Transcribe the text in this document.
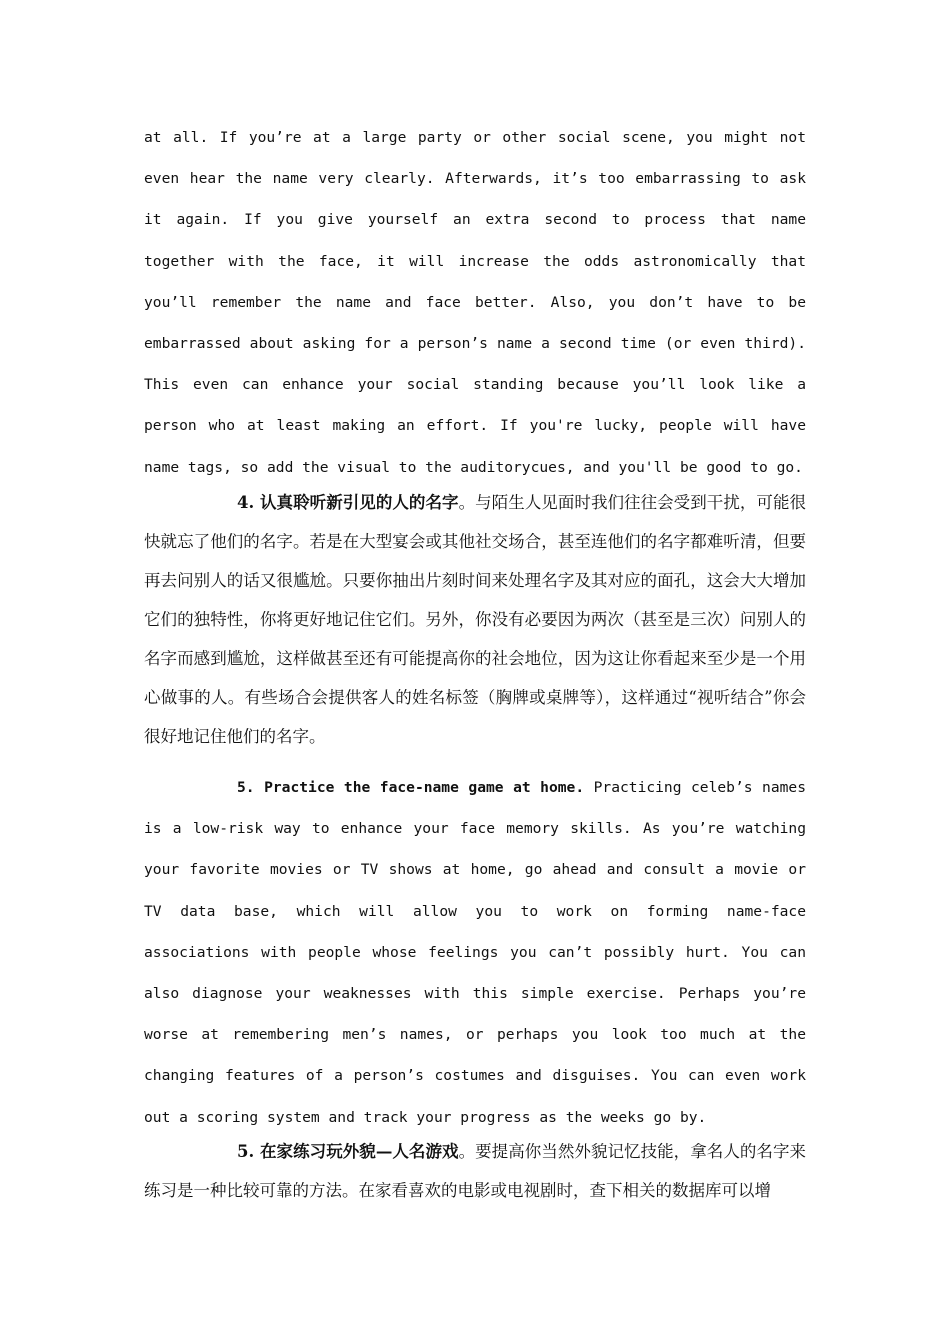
at all. If you’re at a large party or other social scene, you might not even hear the name very clearly. Afterwards, it’s too embarrassing to ask it again. If you give yourself an extra second to process that name together with the face, it will increase the odds astronomically that you’ll remember the name and face better. Also, you don’t have to be embarrassed about asking for a person’s name a second time (or even third). This even can enhance your social standing because you’ll look like a person who at least making an effort. If you're lucky, people will have name tags, so add the visual to the auditorycues, and you'll be good to go.

4. 认真聆听新引见的人的名字。与陌生人见面时我们往往会受到干扰，可能很快就忘了他们的名字。若是在大型宴会或其他社交场合，甚至连他们的名字都难听清，但要再去问别人的话又很尴尬。只要你抽出片刻时间来处理名字及其对应的面孔，这会大大增加它们的独特性，你将更好地记住它们。另外，你没有必要因为两次（甚至是三次）问别人的名字而感到尴尬，这样做甚至还有可能提高你的社会地位，因为这让你看起来至少是一个用心做事的人。有些场合会提供客人的姓名标签（胸牌或桌牌等），这样通过“视听结合”你会很好地记住他们的名字。

5. Practice the face-name game at home. Practicing celeb’s names is a low-risk way to enhance your face memory skills. As you’re watching your favorite movies or TV shows at home, go ahead and consult a movie or TV data base, which will allow you to work on forming name-face associations with people whose feelings you can’t possibly hurt. You can also diagnose your weaknesses with this simple exercise. Perhaps you’re worse at remembering men’s names, or perhaps you look too much at the changing features of a person’s costumes and disguises. You can even work out a scoring system and track your progress as the weeks go by.

5. 在家练习玩外貌—人名游戏。要提高你当然外貌记忆技能，拿名人的名字来练习是一种比较可靠的方法。在家看喜欢的电影或电视剧时，查下相关的数据库可以增
